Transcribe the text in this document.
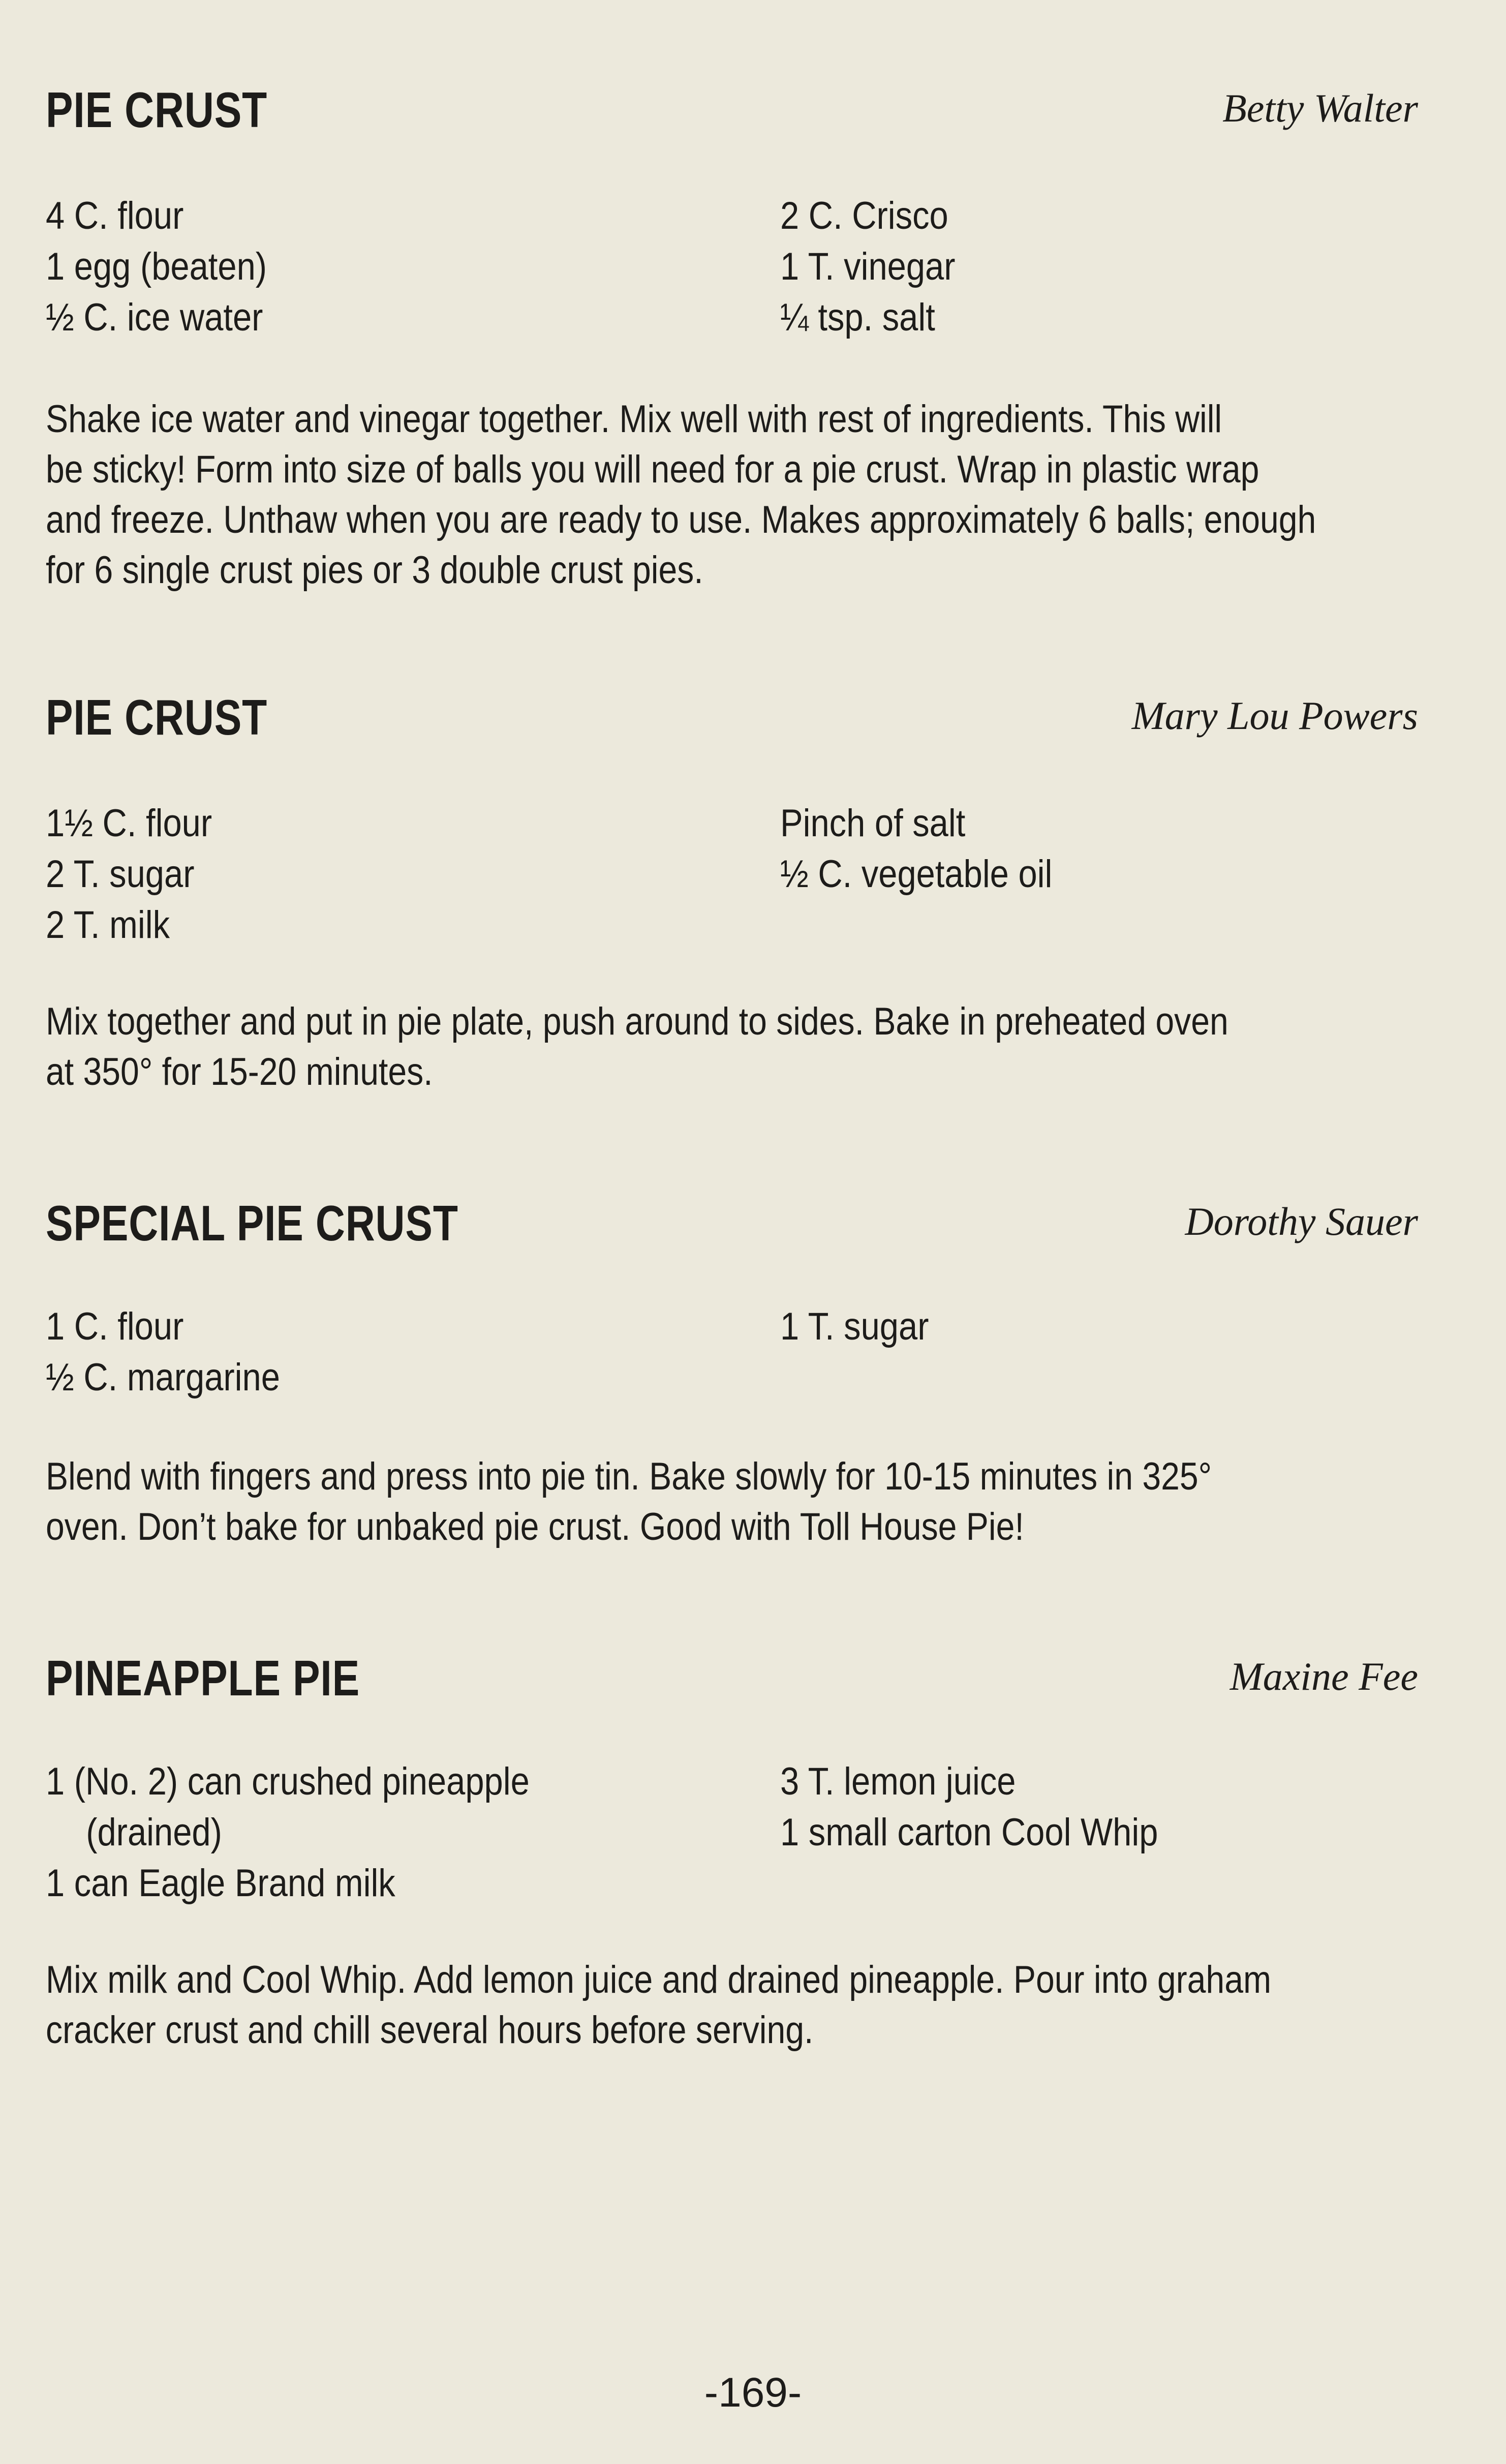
PIE CRUST	Betty Walter
4 C. flour
1 egg (beaten)
½ C. ice water
2 C. Crisco
1 T. vinegar
¼ tsp. salt
Shake ice water and vinegar together. Mix well with rest of ingredients. This will
be sticky! Form into size of balls you will need for a pie crust. Wrap in plastic wrap
and freeze. Unthaw when you are ready to use. Makes approximately 6 balls; enough
for 6 single crust pies or 3 double crust pies.
PIE CRUST	Mary Lou Powers
1½ C. flour
2 T. sugar
2 T. milk
Pinch of salt
½ C. vegetable oil
Mix together and put in pie plate, push around to sides. Bake in preheated oven
at 350° for 15-20 minutes.
SPECIAL PIE CRUST	Dorothy Sauer
1 C. flour
½ C. margarine
1 T. sugar
Blend with fingers and press into pie tin. Bake slowly for 10-15 minutes in 325°
oven. Don’t bake for unbaked pie crust. Good with Toll House Pie!
PINEAPPLE PIE	Maxine Fee
1 (No. 2) can crushed pineapple
(drained)
1 can Eagle Brand milk
3 T. lemon juice
1 small carton Cool Whip
Mix milk and Cool Whip. Add lemon juice and drained pineapple. Pour into graham
cracker crust and chill several hours before serving.
-169-
